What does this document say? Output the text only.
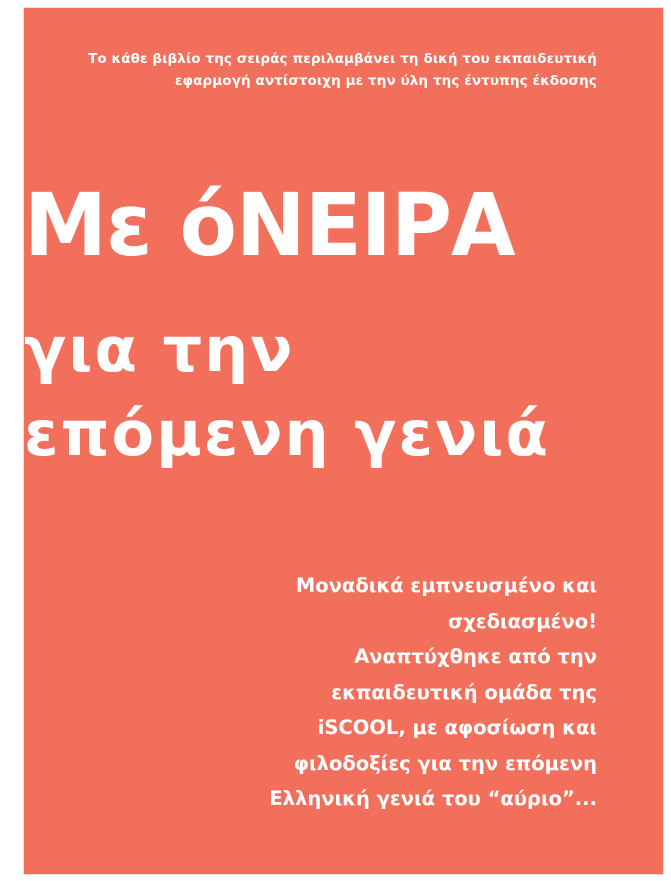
Το κάθε βιβλίο της σειράς περιλαμβάνει τη δική του εκπαιδευτική
εφαρμογή αντίστοιχη με την ύλη της έντυπης έκδοσης
Με όΝΕΙΡΑ
για την
επόμενη γενιά
Μοναδικά εμπνευσμένο και
σχεδιασμένο!
Αναπτύχθηκε από την
εκπαιδευτική ομάδα της
iSCOOL, με αφοσίωση και
φιλοδοξίες για την επόμενη
Ελληνική γενιά του “αύριο”...
